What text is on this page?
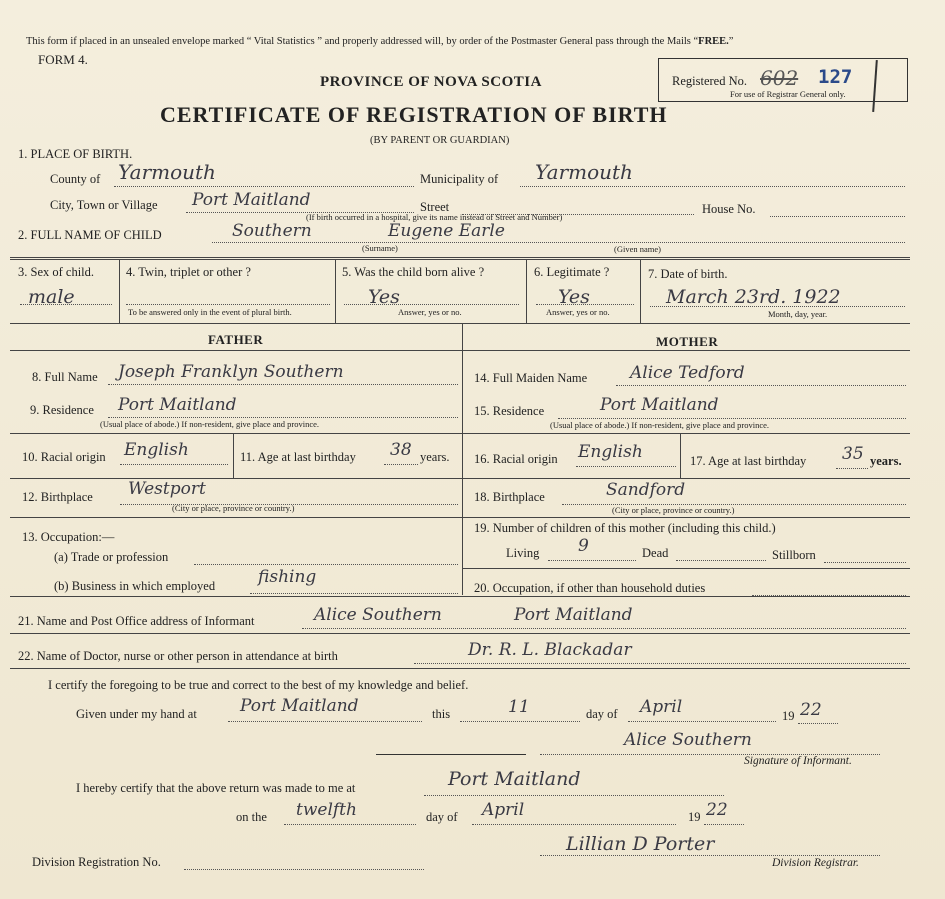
This form if placed in an unsealed envelope marked “ Vital Statistics ” and properly addressed will, by order of the Postmaster General pass through the Mails “FREE.”
FORM 4.
PROVINCE OF NOVA SCOTIA
CERTIFICATE OF REGISTRATION OF BIRTH
(BY PARENT OR GUARDIAN)
Registered No. 602 127
For use of Registrar General only.
1. PLACE OF BIRTH.
County of Yarmouth	Municipality of Yarmouth
City, Town or Village Port Maitland	Street	House No.
(If birth occurred in a hospital, give its name instead of Street and Number)
2. FULL NAME OF CHILD	Southern	Eugene Earle
(Surname)	(Given name)
3. Sex of child.
male
4. Twin, triplet or other ?
To be answered only in the event of plural birth.
5. Was the child born alive ?
Yes
Answer, yes or no.
6. Legitimate ?
Yes
Answer, yes or no.
7. Date of birth.
March 23rd. 1922
Month, day, year.
FATHER	MOTHER
8. Full Name Joseph Franklyn Southern
9. Residence Port Maitland
(Usual place of abode.) If non-resident, give place and province.
10. Racial origin English	11. Age at last birthday 38 years.
12. Birthplace Westport
(City or place, province or country.)
13. Occupation:—
(a) Trade or profession
(b) Business in which employed	fishing
14. Full Maiden Name	Alice Tedford
15. Residence	Port Maitland
(Usual place of abode.) If non-resident, give place and province.
16. Racial origin English	17. Age at last birthday 35 years.
18. Birthplace	Sandford
(City or place, province or country.)
19. Number of children of this mother (including this child.)
Living 9	Dead	Stillborn
20. Occupation, if other than household duties
21. Name and Post Office address of Informant	Alice Southern	Port Maitland
22. Name of Doctor, nurse or other person in attendance at birth	Dr. R. L. Blackadar
I certify the foregoing to be true and correct to the best of my knowledge and belief.
Given under my hand at	Port Maitland	this	11	day of April	19 22
Alice Southern
Signature of Informant.
I hereby certify that the above return was made to me at	Port Maitland
on the twelfth	day of April	19 22
Division Registration No.
Lillian D Porter
Division Registrar.
